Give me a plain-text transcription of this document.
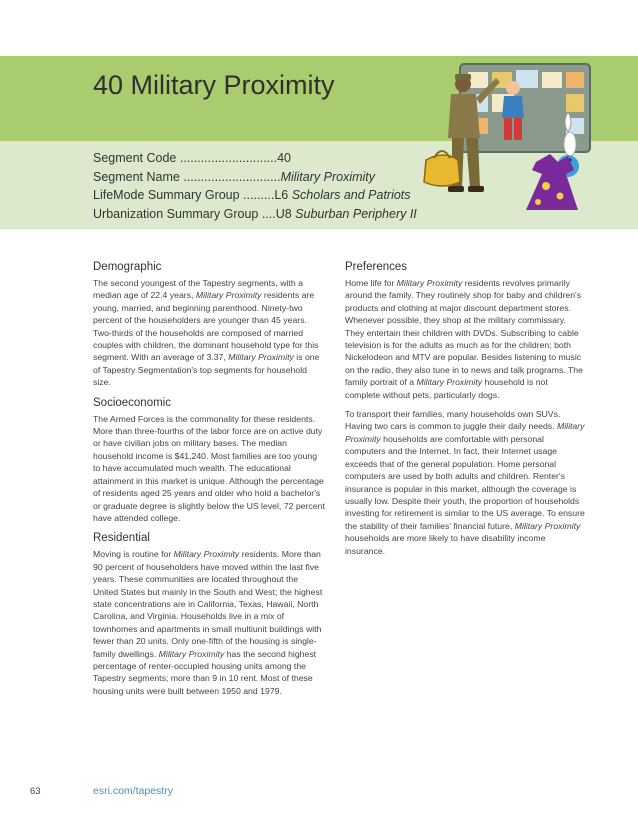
40 Military Proximity
Segment Code ............................40
Segment Name ............................Military Proximity
LifeMode Summary Group .........L6 Scholars and Patriots
Urbanization Summary Group ....U8 Suburban Periphery II
Demographic

The second youngest of the Tapestry segments, with a median age of 22.4 years, Military Proximity residents are young, married, and beginning parenthood. Ninety-two percent of the householders are younger than 45 years. Two-thirds of the households are composed of married couples with children, the dominant household type for this segment. With an average of 3.37, Military Proximity is one of Tapestry Segmentation's top segments for household size.

Socioeconomic

The Armed Forces is the commonality for these residents. More than three-fourths of the labor force are on active duty or have civilian jobs on military bases. The median household income is $41,240. Most families are too young to have accumulated much wealth. The educational attainment in this market is unique. Although the percentage of residents aged 25 years and older who hold a bachelor's or graduate degree is slightly below the US level, 72 percent have attended college.

Residential

Moving is routine for Military Proximity residents. More than 90 percent of householders have moved within the last five years. These communities are located throughout the United States but mainly in the South and West; the highest state concentrations are in California, Texas, Hawaii, North Carolina, and Virginia. Households live in a mix of townhomes and apartments in small multiunit buildings with fewer than 20 units. Only one-fifth of the housing is single-family dwellings. Military Proximity has the second highest percentage of renter-occupied housing units among the Tapestry segments; more than 9 in 10 rent. Most of these housing units were built between 1950 and 1979.

Preferences

Home life for Military Proximity residents revolves primarily around the family. They routinely shop for baby and children's products and clothing at major discount department stores. Whenever possible, they shop at the military commissary. They entertain their children with DVDs. Subscribing to cable television is for the adults as much as for the children; both Nickelodeon and MTV are popular. Besides listening to music on the radio, they also tune in to news and talk programs. The family portrait of a Military Proximity household is not complete without pets, particularly dogs.

To transport their families, many households own SUVs. Having two cars is common to juggle their daily needs. Military Proximity households are comfortable with personal computers and the Internet. In fact, their Internet usage exceeds that of the general population. Home personal computers are used by both adults and children. Renter's insurance is popular in this market, although the coverage is usually low. Despite their youth, the proportion of households investing for retirement is similar to the US average. To ensure the stability of their families' financial future, Military Proximity households are more likely to have disability income insurance.

63	esri.com/tapestry
